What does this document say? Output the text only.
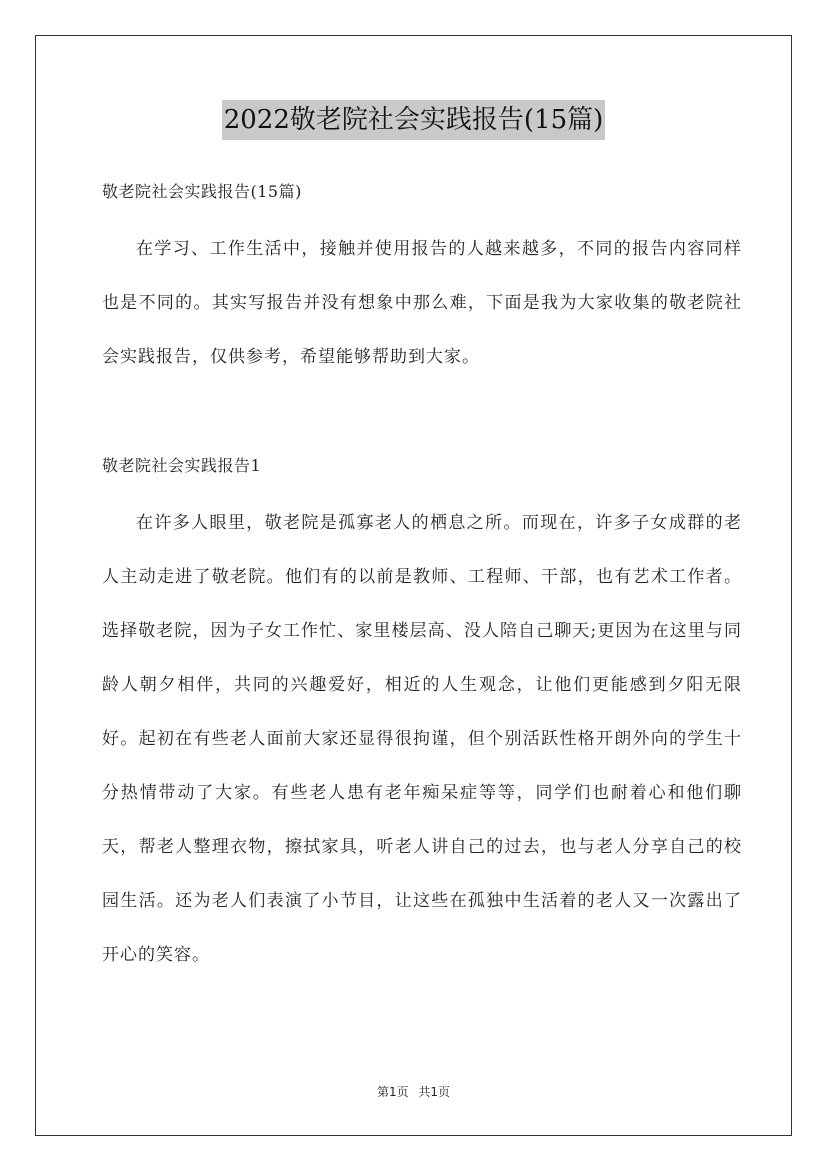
2022敬老院社会实践报告(15篇)

敬老院社会实践报告(15篇)

在学习、工作生活中，接触并使用报告的人越来越多，不同的报告内容同样也是不同的。其实写报告并没有想象中那么难，下面是我为大家收集的敬老院社会实践报告，仅供参考，希望能够帮助到大家。

敬老院社会实践报告1

在许多人眼里，敬老院是孤寡老人的栖息之所。而现在，许多子女成群的老人主动走进了敬老院。他们有的以前是教师、工程师、干部，也有艺术工作者。选择敬老院，因为子女工作忙、家里楼层高、没人陪自己聊天;更因为在这里与同龄人朝夕相伴，共同的兴趣爱好，相近的人生观念，让他们更能感到夕阳无限好。起初在有些老人面前大家还显得很拘谨，但个别活跃性格开朗外向的学生十分热情带动了大家。有些老人患有老年痴呆症等等，同学们也耐着心和他们聊天，帮老人整理衣物，擦拭家具，听老人讲自己的过去，也与老人分享自己的校园生活。还为老人们表演了小节目，让这些在孤独中生活着的老人又一次露出了开心的笑容。

第1页 共1页
